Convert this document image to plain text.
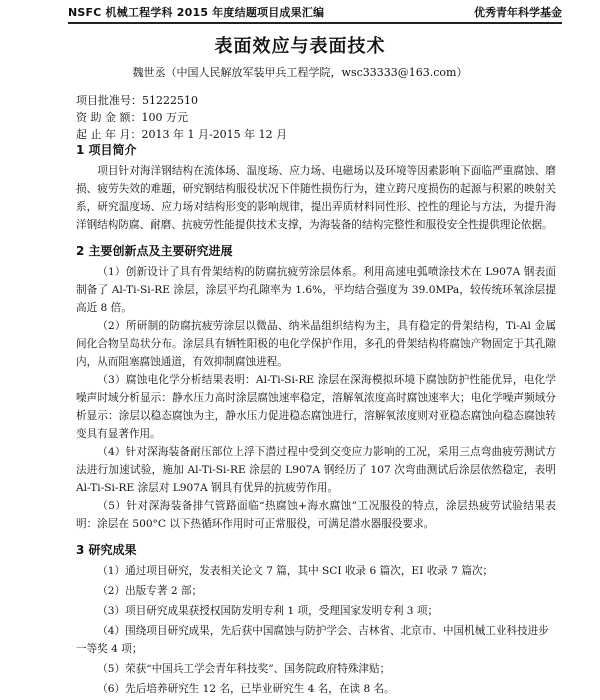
NSFC 机械工程学科 2015 年度结题项目成果汇编	优秀青年科学基金
表面效应与表面技术
魏世丞（中国人民解放军装甲兵工程学院，wsc33333@163.com）
项目批准号：51222510
资 助 金 额：100 万元
起 止 年 月：2013 年 1 月-2015 年 12 月
1 项目简介

项目针对海洋钢结构在流体场、温度场、应力场、电磁场以及环境等因素影响下面临严重腐蚀、磨损、疲劳失效的难题，研究钢结构服役状况下伴随性损伤行为，建立跨尺度损伤的起源与积累的映射关系，研究温度场、应力场对结构形变的影响规律，提出弄质材料同性形、控性的理论与方法，为提升海洋钢结构防腐、耐磨、抗疲劳性能提供技术支撑，为海装备的结构完整性和服役安全性提供理论依据。

2 主要创新点及主要研究进展

（1）创新设计了具有骨架结构的防腐抗疲劳涂层体系。利用高速电弧喷涂技术在 L907A 钢表面制备了 Al-Ti-Si-RE 涂层，涂层平均孔隙率为 1.6%，平均结合强度为 39.0MPa，较传统环氧涂层提高近 8 倍。

（2）所研制的防腐抗疲劳涂层以微晶、纳米晶组织结构为主，具有稳定的骨架结构，Ti-Al 金属间化合物呈岛状分布。涂层具有牺牲阳极的电化学保护作用，多孔的骨架结构将腐蚀产物固定于其孔隙内，从而阻塞腐蚀通道，有效抑制腐蚀进程。

（3）腐蚀电化学分析结果表明：Al-Ti-Si-RE 涂层在深海模拟环境下腐蚀防护性能优异，电化学噪声时域分析显示：静水压力高时涂层腐蚀速率稳定，溶解氧浓度高时腐蚀速率大；电化学噪声频域分析显示：涂层以稳态腐蚀为主，静水压力促进稳态腐蚀进行，溶解氧浓度则对亚稳态腐蚀向稳态腐蚀转变具有显著作用。

（4）针对深海装备耐压部位上浮下潜过程中受到交变应力影响的工况，采用三点弯曲疲劳测试方法进行加速试验，施加 Al-Ti-Si-RE 涂层的 L907A 钢经历了 107 次弯曲测试后涂层依然稳定，表明 Al-Ti-Si-RE 涂层对 L907A 钢具有优异的抗疲劳作用。

（5）针对深海装备排气管路面临“热腐蚀+海水腐蚀”工况服役的特点，涂层热疲劳试验结果表明：涂层在 500°C 以下热循环作用时可正常服役，可满足潜水器服役要求。

3 研究成果

（1）通过项目研究，发表相关论文 7 篇，其中 SCI 收录 6 篇次，EI 收录 7 篇次；

（2）出版专著 2 部；

（3）项目研究成果获授权国防发明专利 1 项，受理国家发明专利 3 项；

（4）围绕项目研究成果，先后获中国腐蚀与防护学会、吉林省、北京市、中国机械工业科技进步一等奖 4 项；

（5）荣获“中国兵工学会青年科技奖”、国务院政府特殊津贴；

（6）先后培养研究生 12 名，已毕业研究生 4 名，在读 8 名。
